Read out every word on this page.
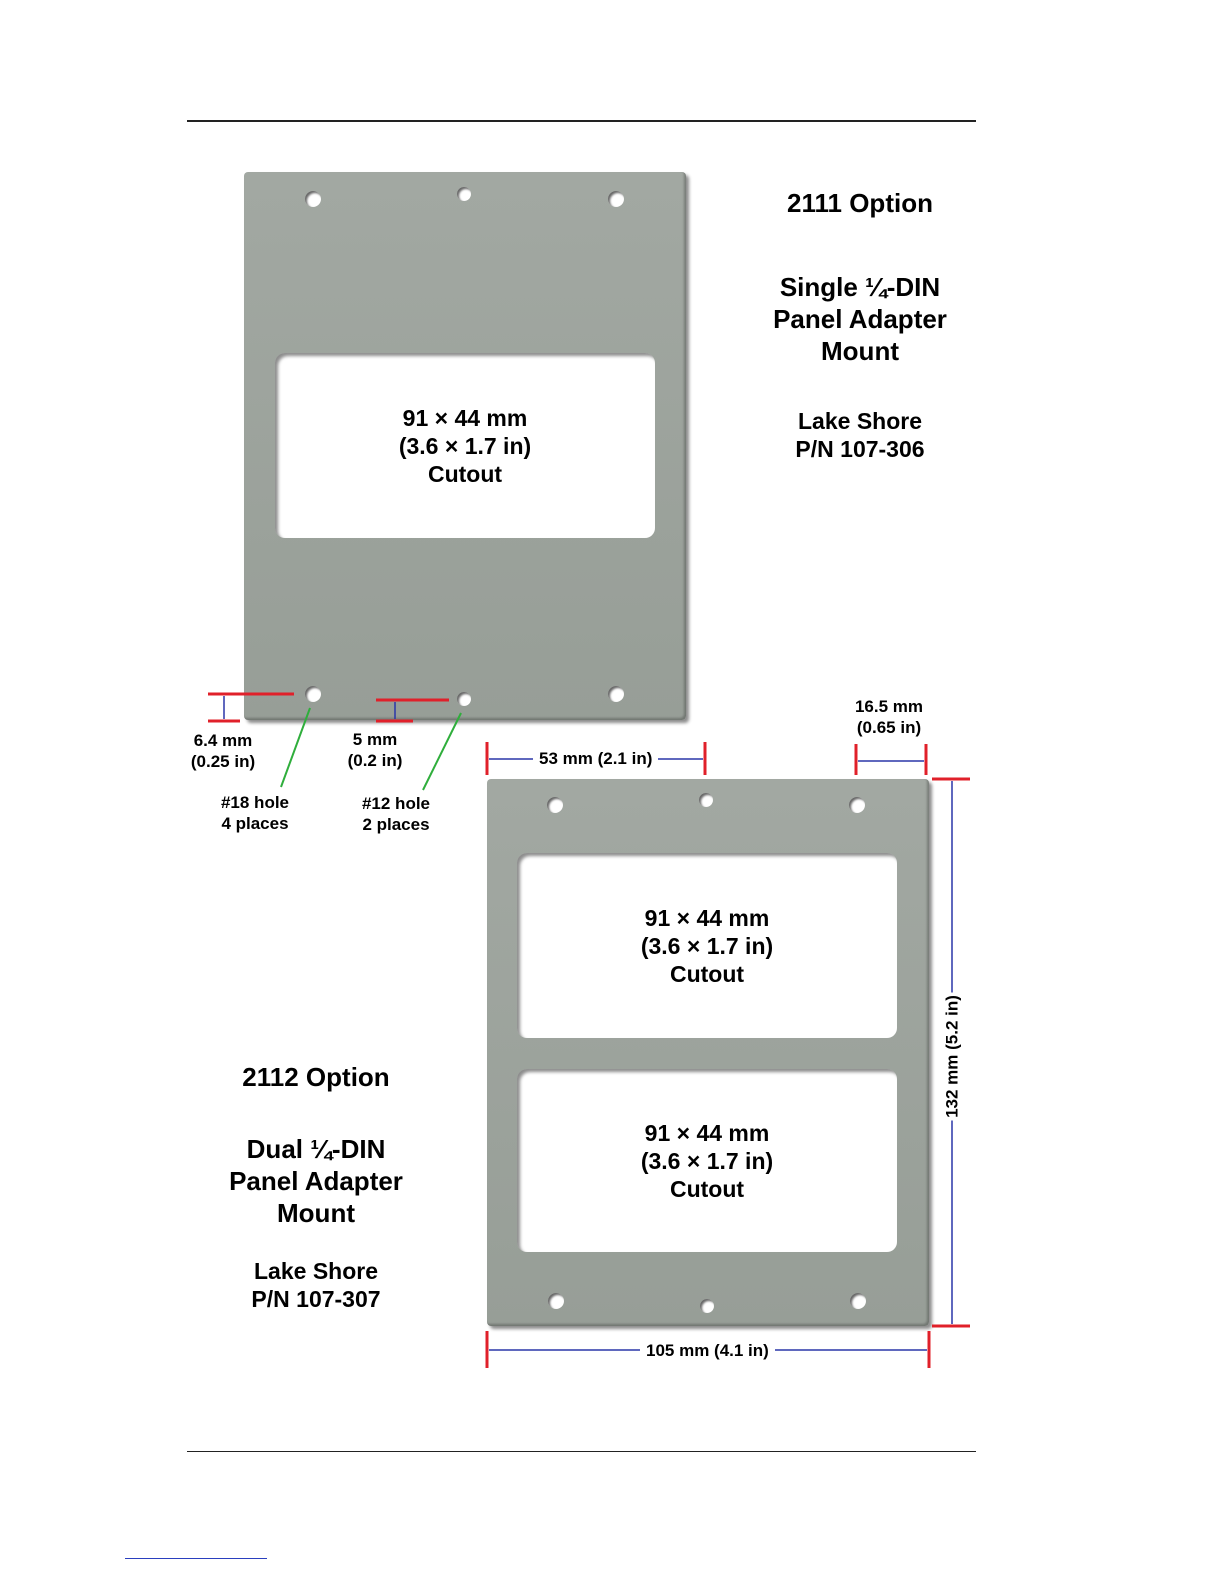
91 × 44 mm
(3.6 × 1.7 in)
Cutout
2111 Option
Single ¼-DIN
Panel Adapter
Mount
Lake Shore
P/N 107-306
91 × 44 mm
(3.6 × 1.7 in)
Cutout
91 × 44 mm
(3.6 × 1.7 in)
Cutout
2112 Option
Dual ¼-DIN
Panel Adapter
Mount
Lake Shore
P/N 107-307
6.4 mm
(0.25 in)
5 mm
(0.2 in)	53 mm (2.1 in)
16.5 mm
(0.65 in)
132 mm (5.2 in)
105 mm (4.1 in)
#18 hole
4 places
#12 hole
2 places
